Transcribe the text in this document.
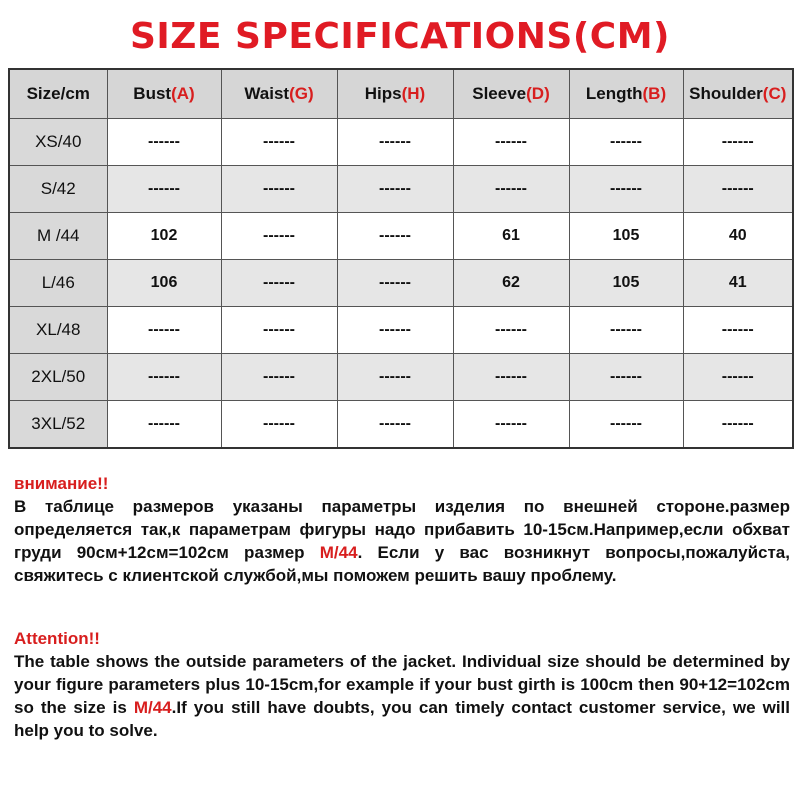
SIZE SPECIFICATIONS(CM)
Size/cm	Bust(A)	Waist(G)	Hips(H)	Sleeve(D)	Length(B)	Shoulder(C)
XS/40	------	------	------	------	------	------
S/42	------	------	------	------	------	------
M /44	102	------	------	61	105	40
L/46	106	------	------	62	105	41
XL/48	------	------	------	------	------	------
2XL/50	------	------	------	------	------	------
3XL/52	------	------	------	------	------	------
внимание!!
В таблице размеров указаны параметры изделия по внешней стороне.размер определяется так,к параметрам фигуры надо прибавить 10-15см.Например,если обхват груди 90см+12см=102см размер M/44. Если у вас возникнут вопросы,пожалуйста, свяжитесь с клиентской службой,мы поможем решить вашу проблему.
Attention!!
The table shows the outside parameters of the jacket. Individual size should be determined by your figure parameters plus 10-15cm,for example if your bust girth is 100cm then 90+12=102cm so the size is M/44.If you still have doubts, you can timely contact customer service, we will help you to solve.
